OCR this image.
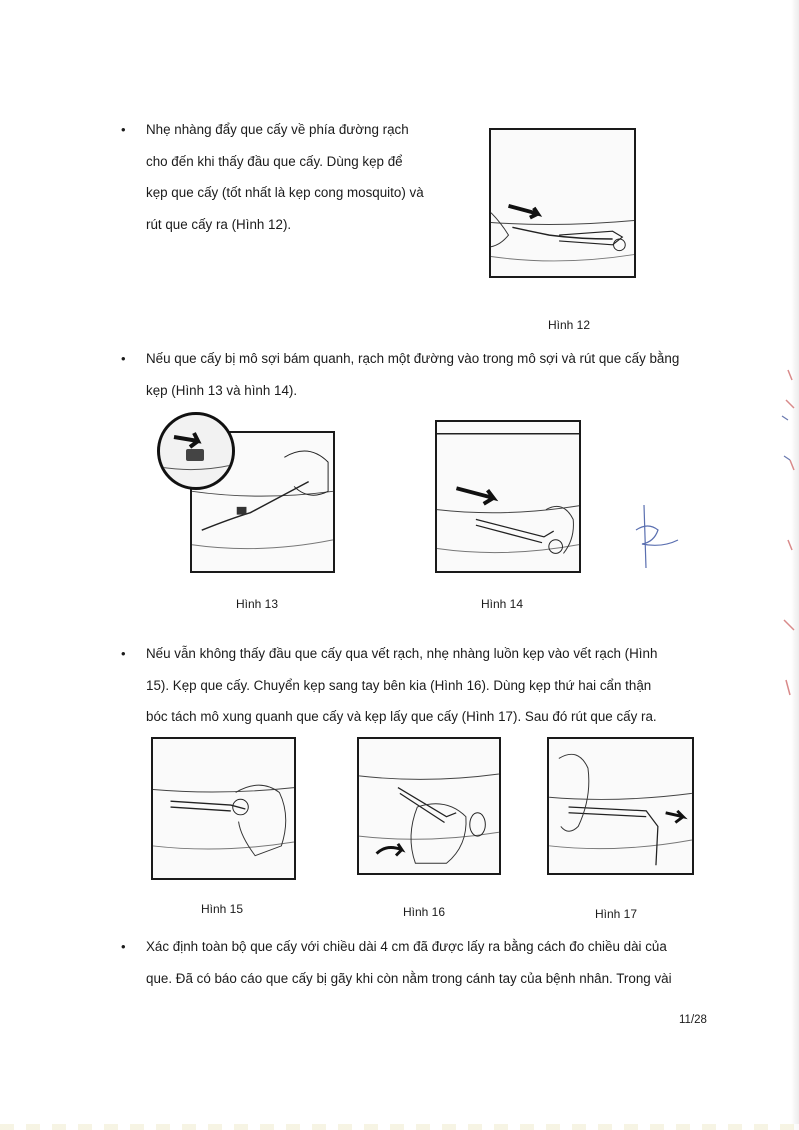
• Nhẹ nhàng đẩy que cấy về phía đường rạch
cho đến khi thấy đầu que cấy. Dùng kẹp để
kẹp que cấy (tốt nhất là kẹp cong mosquito) và
rút que cấy ra (Hình 12).
Hình 12
• Nếu que cấy bị mô sợi bám quanh, rạch một đường vào trong mô sợi và rút que cấy bằng
kẹp (Hình 13 và hình 14).
Hình 13	Hình 14
• Nếu vẫn không thấy đầu que cấy qua vết rạch, nhẹ nhàng luồn kẹp vào vết rạch (Hình
15). Kẹp que cấy. Chuyển kẹp sang tay bên kia (Hình 16). Dùng kẹp thứ hai cẩn thận
bóc tách mô xung quanh que cấy và kẹp lấy que cấy (Hình 17). Sau đó rút que cấy ra.
Hình 15	Hình 16	Hình 17
• Xác định toàn bộ que cấy với chiều dài 4 cm đã được lấy ra bằng cách đo chiều dài của
que. Đã có báo cáo que cấy bị gãy khi còn nằm trong cánh tay của bệnh nhân. Trong vài
11/28
